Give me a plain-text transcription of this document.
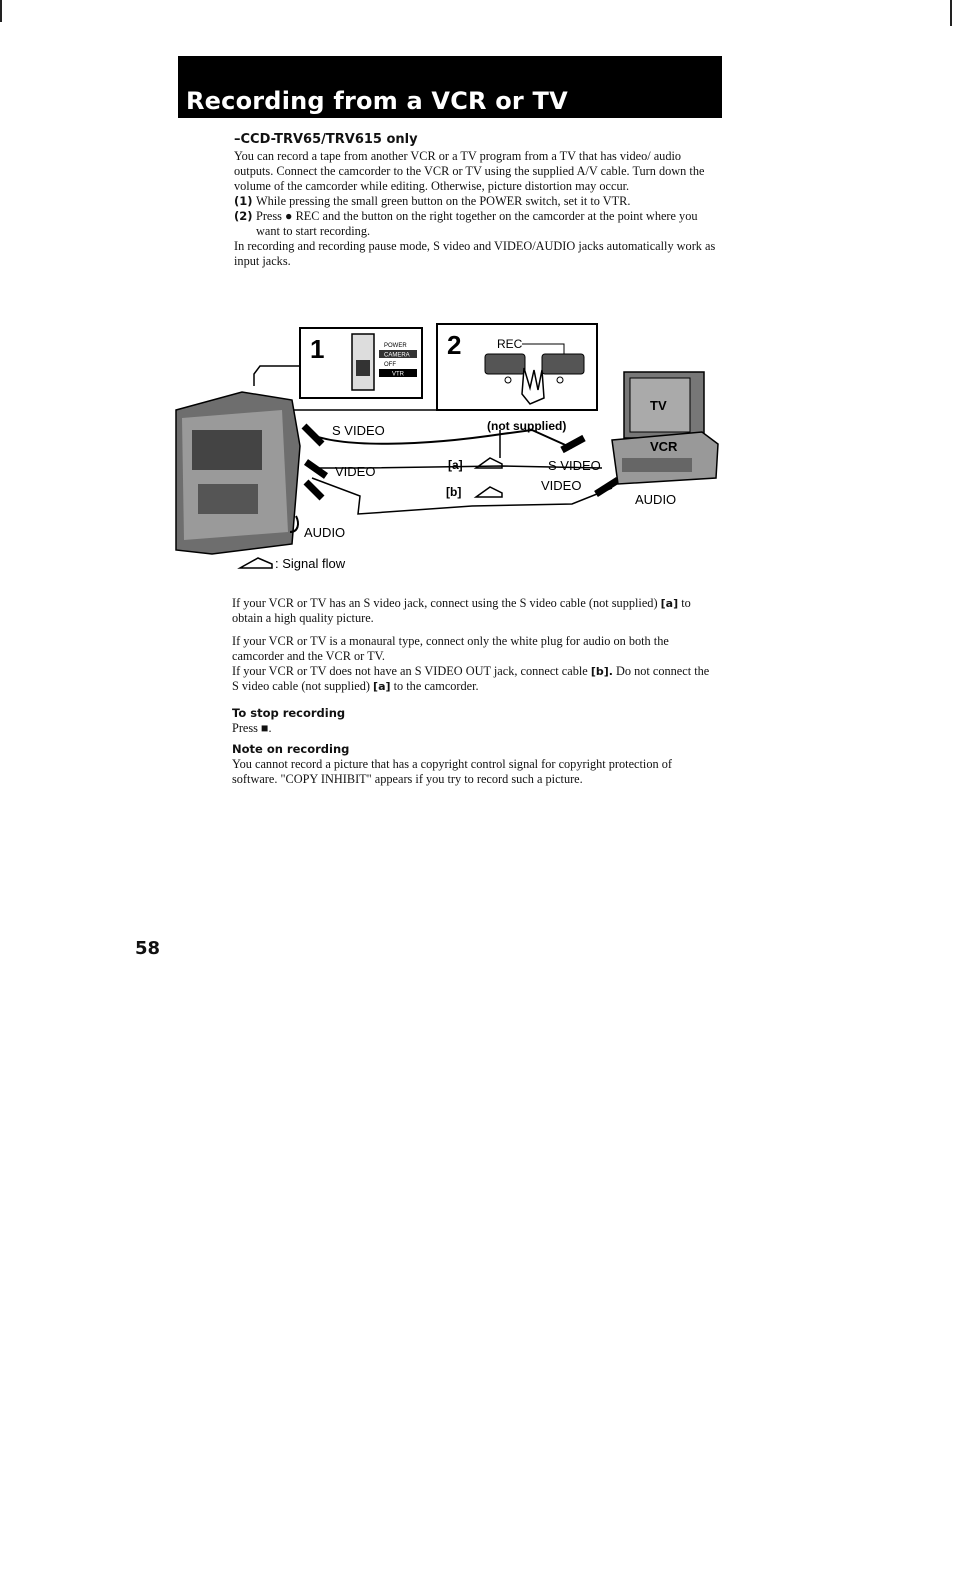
Recording from a VCR or TV
–CCD-TRV65/TRV615 only

You can record a tape from another VCR or a TV program from a TV that has video/ audio outputs. Connect the camcorder to the VCR or TV using the supplied A/V cable. Turn down the volume of the camcorder while editing. Otherwise, picture distortion may occur.

(1) While pressing the small green button on the POWER switch, set it to VTR.
(2) Press ● REC and the button on the right together on the camcorder at the point where you want to start recording.

In recording and recording pause mode, S video and VIDEO/AUDIO jacks automatically work as input jacks.

1	POWER
CAMERA
OFF
VTR
2	REC
S VIDEO
VIDEO
AUDIO
(not supplied)
[a]
[b]
S VIDEO
VIDEO
AUDIO
TV
VCR
: Signal flow

If your VCR or TV has an S video jack, connect using the S video cable (not supplied) [a] to obtain a high quality picture.

If your VCR or TV is a monaural type, connect only the white plug for audio on both the camcorder and the VCR or TV.

If your VCR or TV does not have an S VIDEO OUT jack, connect cable [b]. Do not connect the S video cable (not supplied) [a] to the camcorder.

To stop recording

Press ■.

Note on recording

You cannot record a picture that has a copyright control signal for copyright protection of software. "COPY INHIBIT" appears if you try to record such a picture.

58
